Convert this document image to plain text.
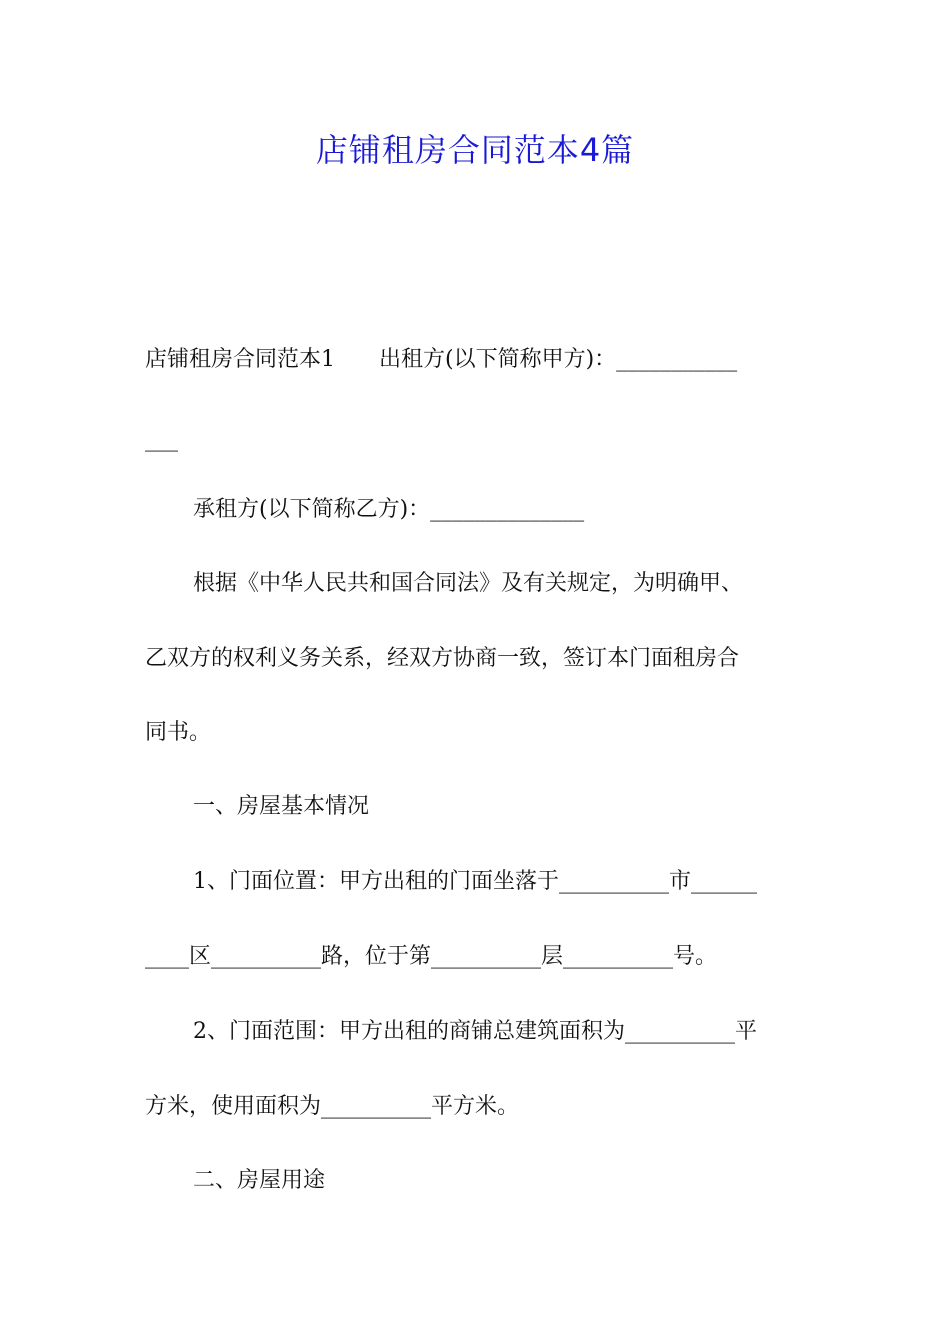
店铺租房合同范本4篇
店铺租房合同范本1　　出租方(以下简称甲方)：___________
___
承租方(以下简称乙方)：______________
根据《中华人民共和国合同法》及有关规定，为明确甲、
乙双方的权利义务关系，经双方协商一致，签订本门面租房合
同书。
一、房屋基本情况
1、门面位置：甲方出租的门面坐落于__________市______
____区__________路，位于第__________层__________号。
2、门面范围：甲方出租的商铺总建筑面积为__________平
方米，使用面积为__________平方米。
二、房屋用途
